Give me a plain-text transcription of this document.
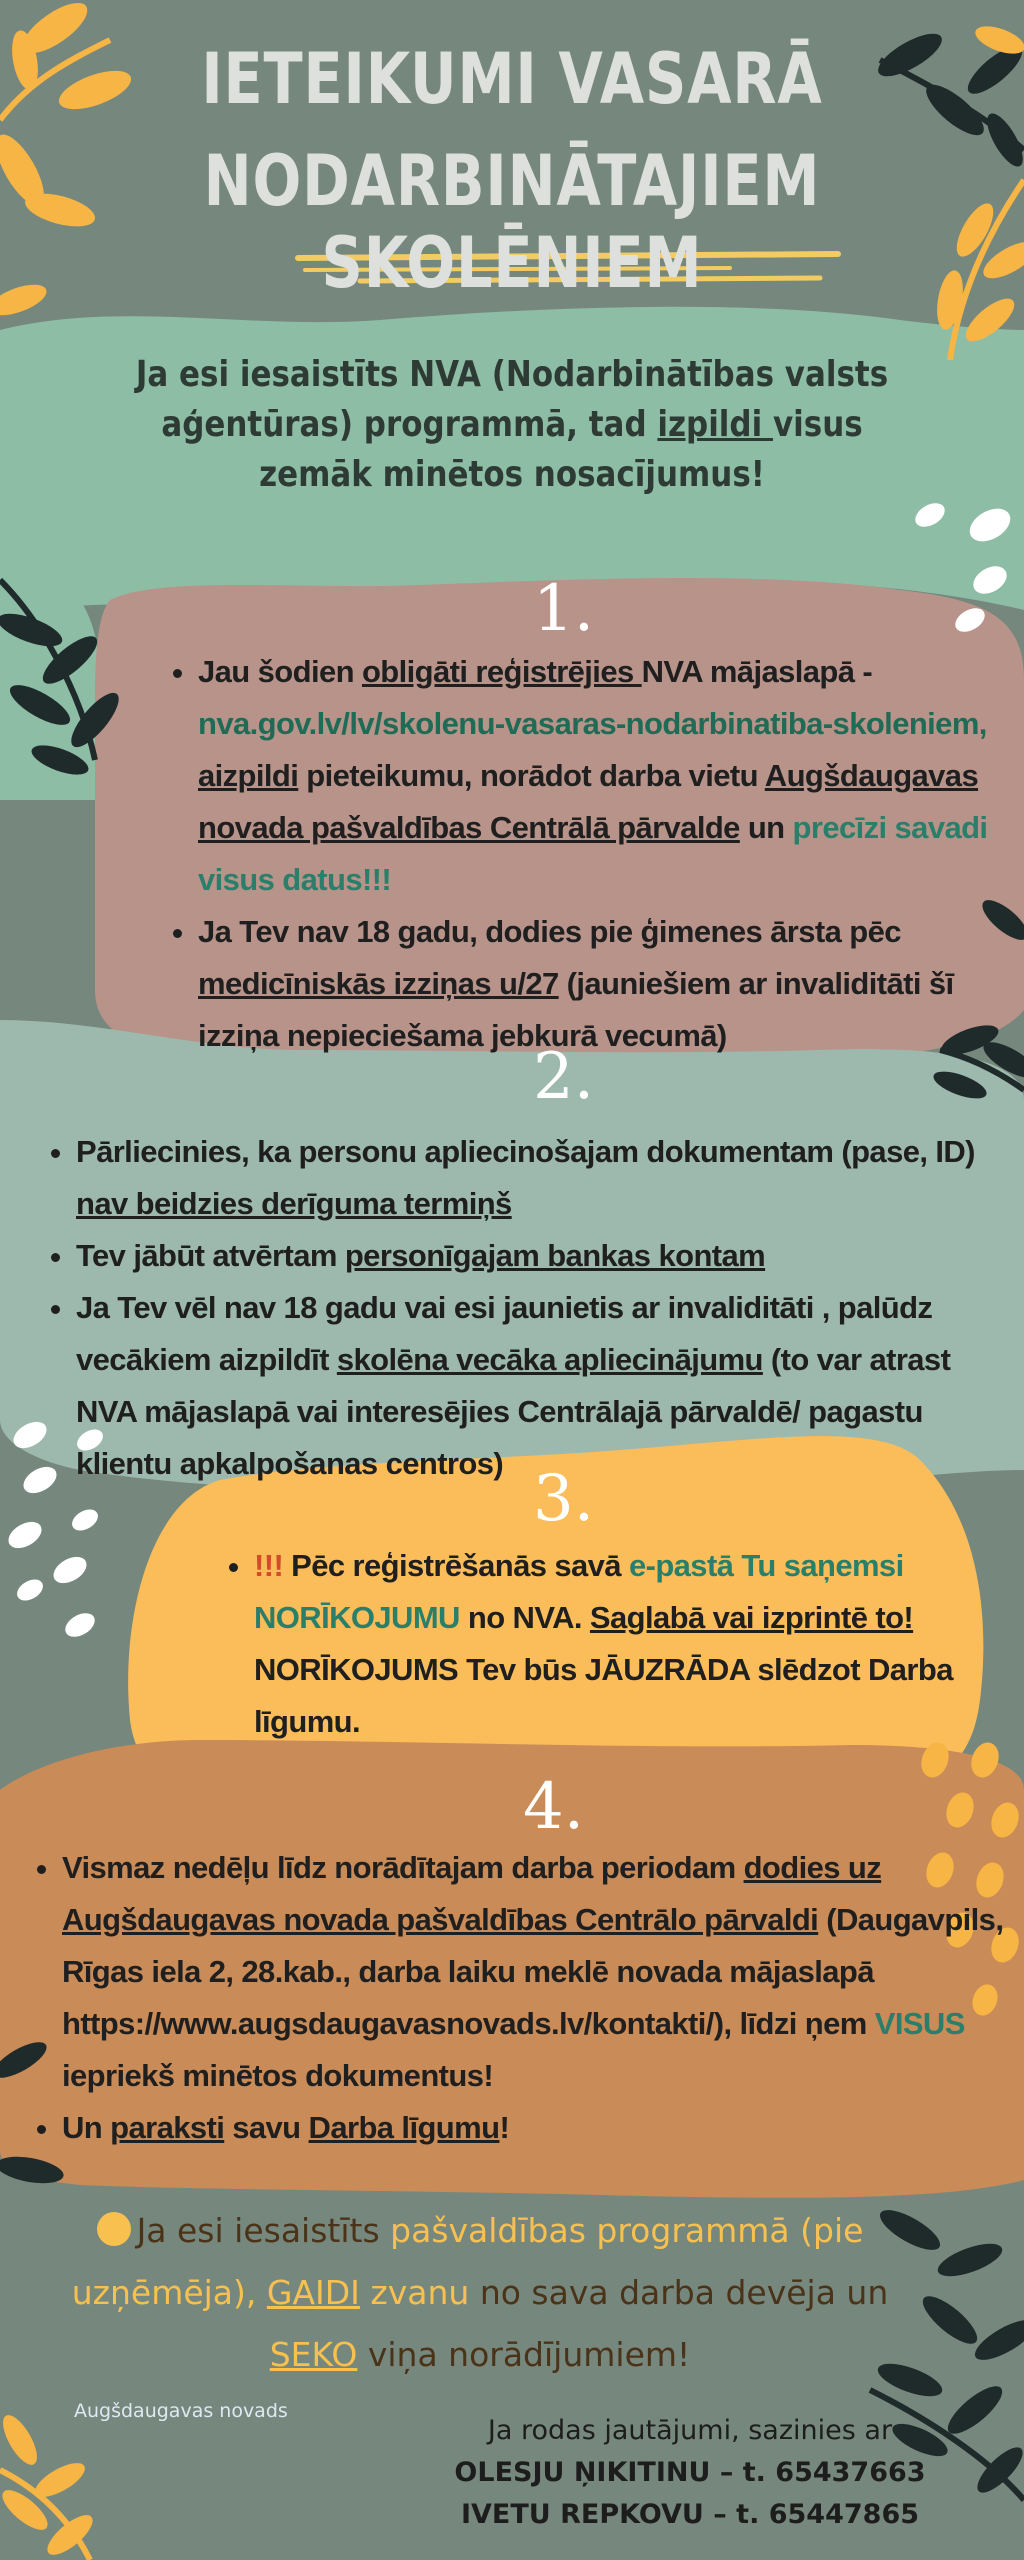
IETEIKUMI VASARĀ
NODARBINĀTAJIEM SKOLĒNIEM
Ja esi iesaistīts NVA (Nodarbinātības valsts aģentūras) programmā, tad izpildi visus zemāk minētos nosacījumus!
1.
• Jau šodien obligāti reģistrējies NVA mājaslapā - nva.gov.lv/lv/skolenu-vasaras-nodarbinatiba-skoleniem, aizpildi pieteikumu, norādot darba vietu Augšdaugavas novada pašvaldības Centrālā pārvalde un precīzi savadi visus datus!!!
• Ja Tev nav 18 gadu, dodies pie ģimenes ārsta pēc medicīniskās izziņas u/27 (jauniešiem ar invaliditāti šī izziņa nepieciešama jebkurā vecumā)
2.
• Pārliecinies, ka personu apliecinošajam dokumentam (pase, ID) nav beidzies derīguma termiņš
• Tev jābūt atvērtam personīgajam bankas kontam
• Ja Tev vēl nav 18 gadu vai esi jaunietis ar invaliditāti , palūdz vecākiem aizpildīt skolēna vecāka apliecinājumu (to var atrast NVA mājaslapā vai interesējies Centrālajā pārvaldē/ pagastu klientu apkalpošanas centros) 3.
• !!! Pēc reģistrēšanās savā e-pastā Tu saņemsi NORĪKOJUMU no NVA. Saglabā vai izprintē to! NORĪKOJUMS Tev būs JĀUZRĀDA slēdzot Darba līgumu.
4.
• Vismaz nedēļu līdz norādītajam darba periodam dodies uz Augšdaugavas novada pašvaldības Centrālo pārvaldi (Daugavpils, Rīgas iela 2, 28.kab., darba laiku meklē novada mājaslapā https://www.augsdaugavasnovads.lv/kontakti/), līdzi ņem VISUS iepriekš minētos dokumentus!
• Un paraksti savu Darba līgumu!
Ja esi iesaistīts pašvaldības programmā (pie uzņēmēja), GAIDI zvanu no sava darba devēja un SEKO viņa norādījumiem!
Augšdaugavas novads
Ja rodas jautājumi, sazinies ar
OLESJU ŅIKITINU – t. 65437663
IVETU REPKOVU – t. 65447865
